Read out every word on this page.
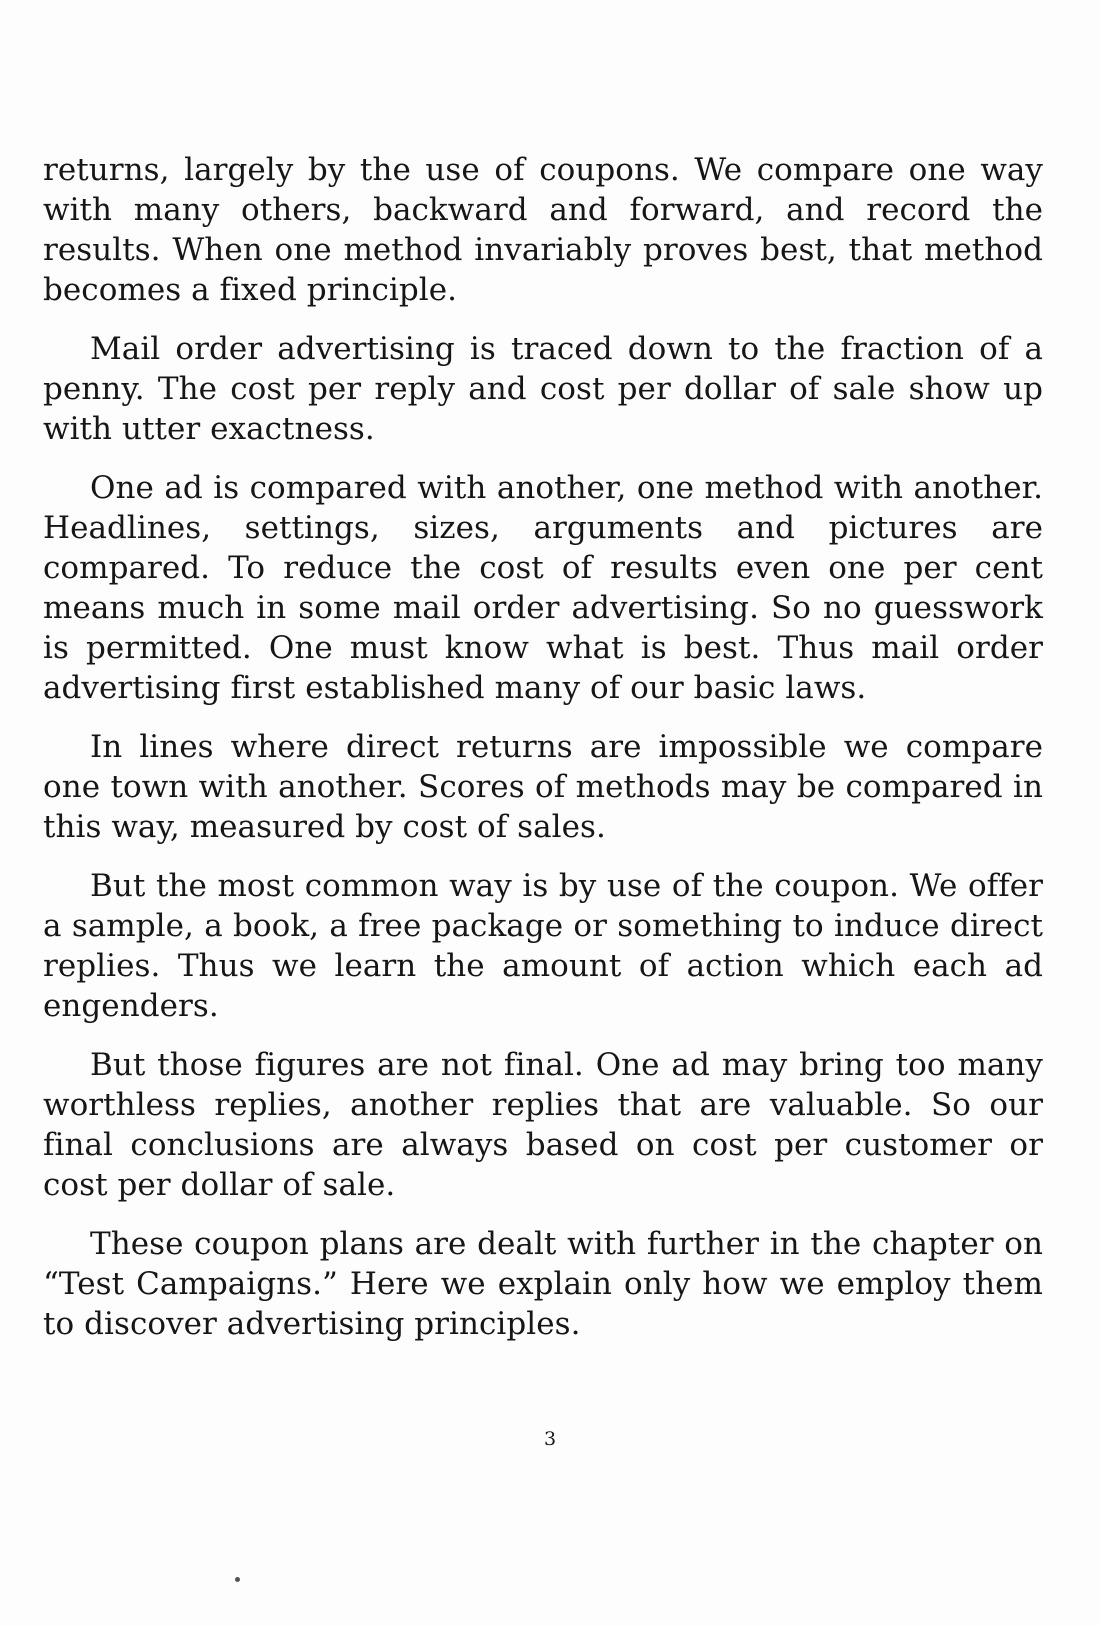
returns, largely by the use of coupons. We compare one way with many others, backward and forward, and record the results. When one method invariably proves best, that method becomes a fixed principle.

Mail order advertising is traced down to the fraction of a penny. The cost per reply and cost per dollar of sale show up with utter exactness.

One ad is compared with another, one method with another. Headlines, settings, sizes, arguments and pictures are compared. To reduce the cost of results even one per cent means much in some mail order advertising. So no guesswork is permitted. One must know what is best. Thus mail order advertising first established many of our basic laws.

In lines where direct returns are impossible we compare one town with another. Scores of methods may be compared in this way, measured by cost of sales.

But the most common way is by use of the coupon. We offer a sample, a book, a free package or something to induce direct replies. Thus we learn the amount of action which each ad engenders.

But those figures are not final. One ad may bring too many worthless replies, another replies that are valuable. So our final conclusions are always based on cost per customer or cost per dollar of sale.

These coupon plans are dealt with further in the chapter on “Test Campaigns.” Here we explain only how we employ them to discover advertising principles.

3
